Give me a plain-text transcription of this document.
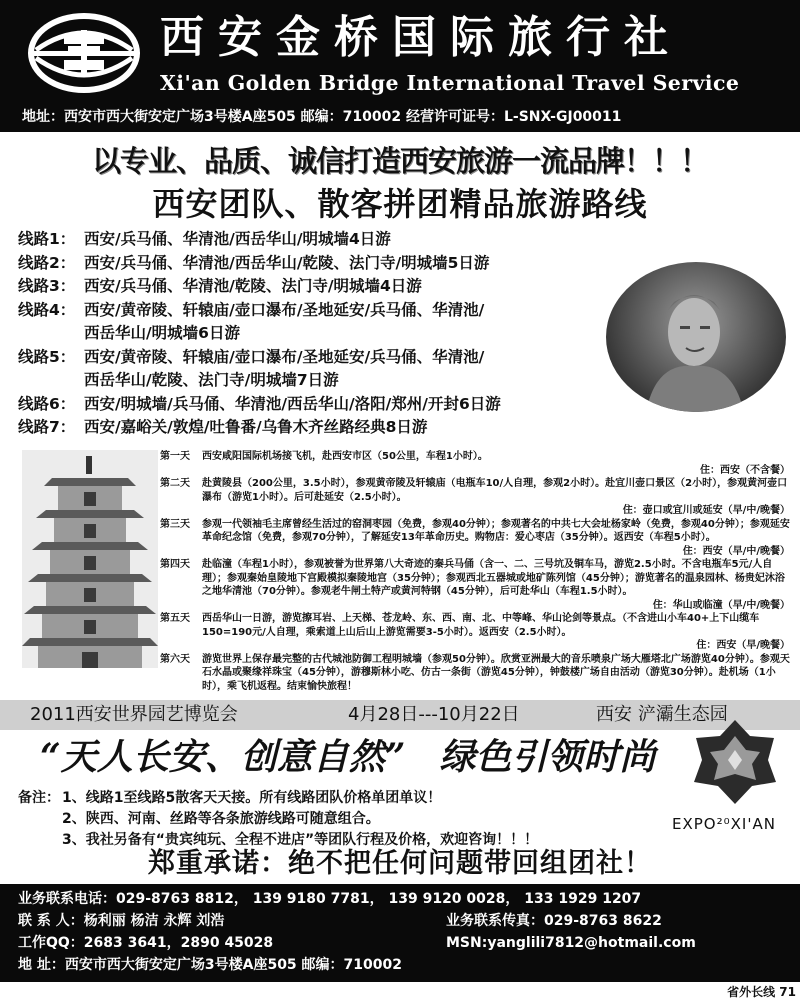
西安金桥国际旅行社
Xi'an Golden Bridge International Travel Service
地址：西安市西大街安定广场3号楼A座505 邮编：710002 经营许可证号：L-SNX-GJ00011
以专业、品质、诚信打造西安旅游一流品牌！！！
西安团队、散客拼团精品旅游路线
线路1： 西安/兵马俑、华清池/西岳华山/明城墙4日游
线路2： 西安/兵马俑、华清池/西岳华山/乾陵、法门寺/明城墙5日游
线路3： 西安/兵马俑、华清池/乾陵、法门寺/明城墙4日游
线路4： 西安/黄帝陵、轩辕庙/壶口瀑布/圣地延安/兵马俑、华清池/
西岳华山/明城墙6日游
线路5： 西安/黄帝陵、轩辕庙/壶口瀑布/圣地延安/兵马俑、华清池/
西岳华山/乾陵、法门寺/明城墙7日游
线路6： 西安/明城墙/兵马俑、华清池/西岳华山/洛阳/郑州/开封6日游
线路7： 西安/嘉峪关/敦煌/吐鲁番/乌鲁木齐丝路经典8日游
第一天	西安咸阳国际机场接飞机，赴西安市区（50公里，车程1小时）。
住：西安（不含餐）
第二天	赴黄陵县（200公里，3.5小时），参观黄帝陵及轩辕庙（电瓶车10/人自理，参观2小时）。赴宜川壶口景区（2小时），参观黄河壶口瀑布（游览1小时）。后可赴延安（2.5小时）。
住：壶口或宜川或延安（早/中/晚餐）
第三天	参观一代领袖毛主席曾经生活过的窑洞枣园（免费，参观40分钟）；参观著名的中共七大会址杨家岭（免费，参观40分钟）；参观延安革命纪念馆（免费，参观70分钟），了解延安13年革命历史。购物店：爱心枣店（35分钟）。返西安（车程5小时）。
住：西安（早/中/晚餐）
第四天	赴临潼（车程1小时），参观被誉为世界第八大奇迹的秦兵马俑（含一、二、三号坑及铜车马，游览2.5小时。不含电瓶车5元/人自理）；参观秦始皇陵地下宫殿模拟秦陵地宫（35分钟）；参观西北五器城或地矿陈列馆（45分钟）；游览著名的温泉园林、杨贵妃沐浴之地华清池（70分钟）。参观老牛闸土特产或黄河特钢（45分钟），后可赴华山（车程1.5小时）。
住：华山或临潼（早/中/晚餐）
第五天	西岳华山一日游，游览擦耳岩、上天梯、苍龙岭、东、西、南、北、中等峰、华山论剑等景点。（不含进山小车40+上下山缆车150=190元/人自理，乘索道上山后山上游览需要3-5小时）。返西安（2.5小时）。
住：西安（早/晚餐）
第六天	游览世界上保存最完整的古代城池防御工程明城墙（参观50分钟）。欣赏亚洲最大的音乐喷泉广场大雁塔北广场游览40分钟）。参观天石水晶或聚缘祥珠宝（45分钟），游穆斯林小吃、仿古一条街（游览45分钟），钟鼓楼广场自由活动（游览30分钟）。赴机场（1小时），乘飞机返程。结束愉快旅程！
2011西安世界园艺博览会	4月28日---10月22日	西安 浐灞生态园
“天人长安、创意自然” 绿色引领时尚
EXPO²⁰XI'AN
备注： 1、线路1至线路5散客天天接。所有线路团队价格单团单议！
2、陕西、河南、丝路等各条旅游线路可随意组合。
3、我社另备有“贵宾纯玩、全程不进店”等团队行程及价格，欢迎咨询！！！
郑重承诺：绝不把任何问题带回组团社！
业务联系电话：029-8763 8812， 139 9180 7781， 139 9120 0028， 133 1929 1207
联 系 人：杨利丽 杨洁 永辉 刘浩	业务联系传真：029-8763 8622
工作QQ：2683 3641，2890 45028	MSN:yanglili7812@hotmail.com
地 址：西安市西大街安定广场3号楼A座505 邮编：710002
省外长线 71
